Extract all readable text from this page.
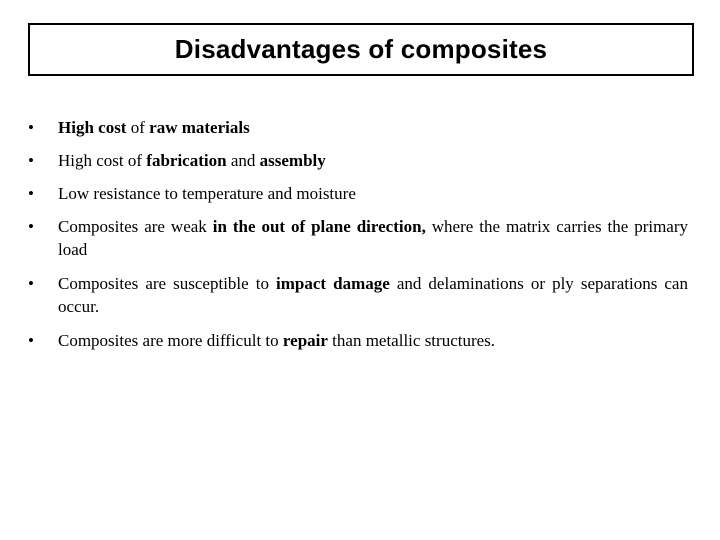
Disadvantages of composites
•	High cost of raw materials
•	High cost of fabrication and assembly
•	Low resistance to temperature and moisture
•	Composites are weak in the out of plane direction, where the matrix carries the primary load
•	Composites are susceptible to impact damage and delaminations or ply separations can occur.
•	Composites are more difficult to repair than metallic structures.
